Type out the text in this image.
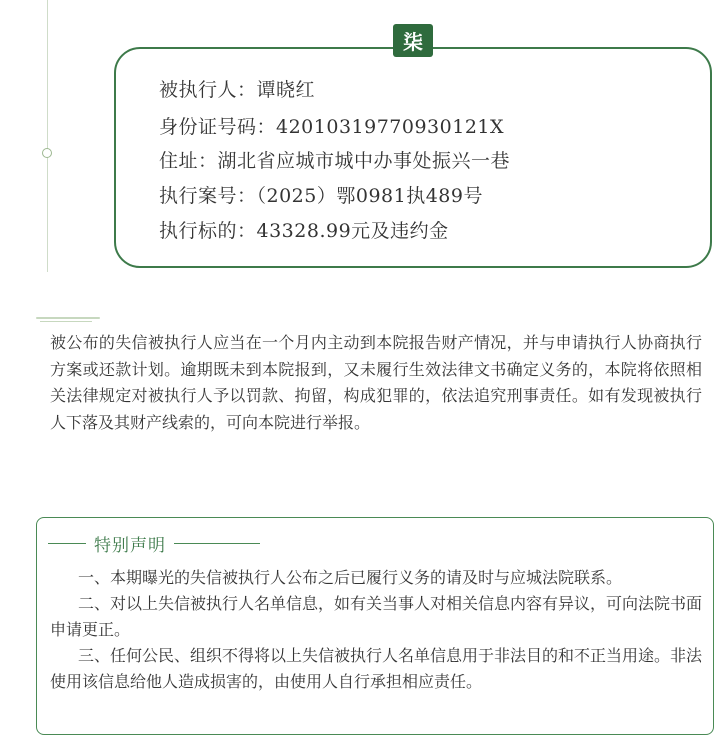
柒
被执行人：谭晓红
身份证号码：42010319770930121X
住址：湖北省应城市城中办事处振兴一巷
执行案号：（2025）鄂0981执489号
执行标的：43328.99元及违约金
被公布的失信被执行人应当在一个月内主动到本院报告财产情况，并与申请执行人协商执行方案或还款计划。逾期既未到本院报到，又未履行生效法律文书确定义务的，本院将依照相关法律规定对被执行人予以罚款、拘留，构成犯罪的，依法追究刑事责任。如有发现被执行人下落及其财产线索的，可向本院进行举报。
特别声明

一、本期曝光的失信被执行人公布之后已履行义务的请及时与应城法院联系。

二、对以上失信被执行人名单信息，如有关当事人对相关信息内容有异议，可向法院书面申请更正。

三、任何公民、组织不得将以上失信被执行人名单信息用于非法目的和不正当用途。非法使用该信息给他人造成损害的，由使用人自行承担相应责任。
